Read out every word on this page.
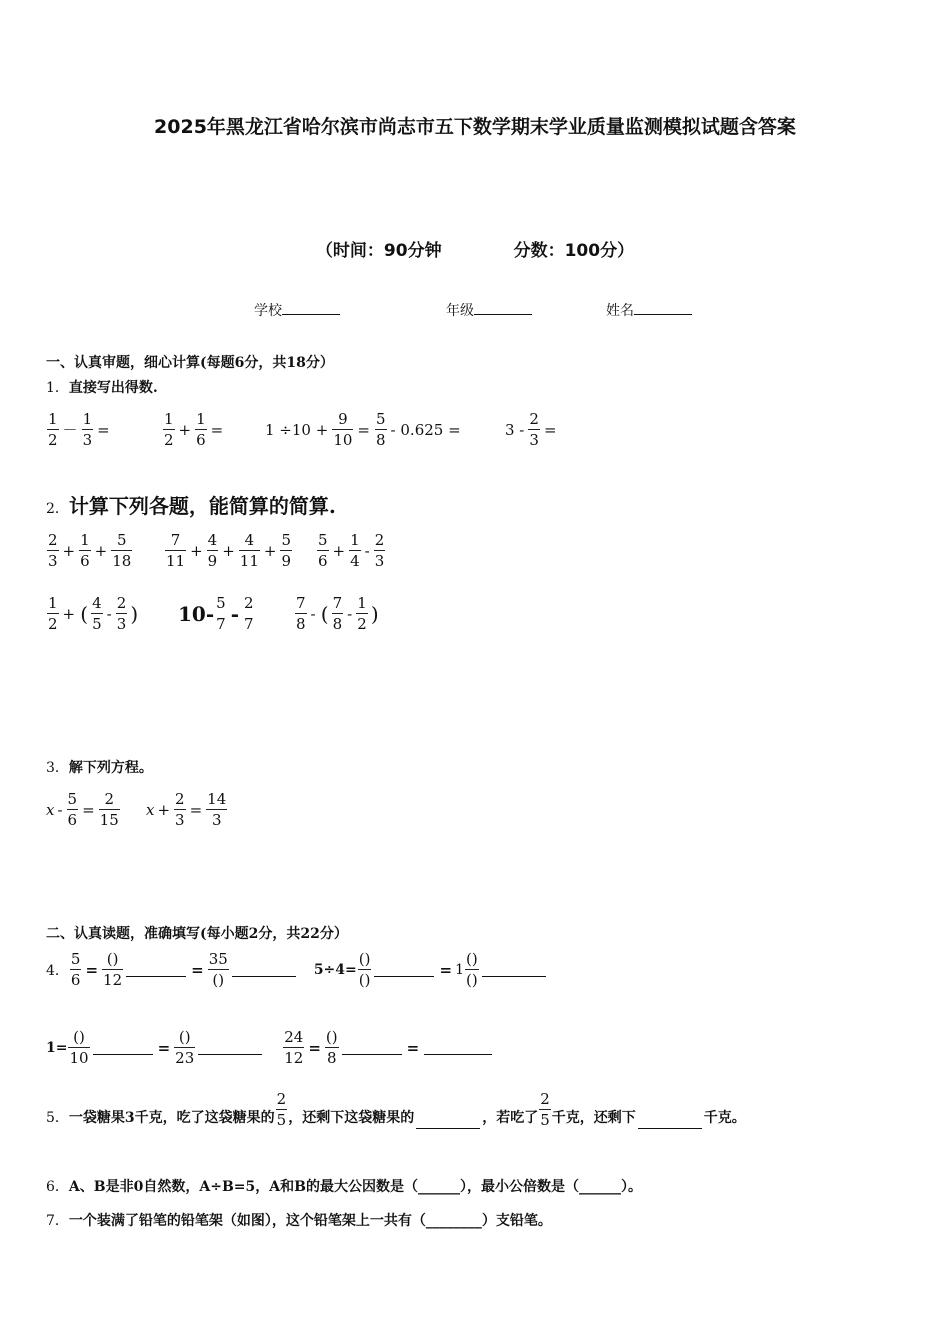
2025年黑龙江省哈尔滨市尚志市五下数学期末学业质量监测模拟试题含答案
（时间：90分钟	分数：100分）
学校	年级	姓名
一、认真审题，细心计算(每题6分，共18分）
1．直接写出得数.
$\frac{1}{2} - \frac{1}{3}$ =	$\frac{1}{2} + \frac{1}{6}$ =	$1 \div 10 + \frac{9}{10} = \frac{5}{8} - 0.625$ =	$3 - \frac{2}{3}$ =
2．计算下列各题，能简算的简算.
$\frac{2}{3} + \frac{1}{6} + \frac{5}{18} \frac{7}{11} + \frac{4}{9} + \frac{4}{11} + \frac{5}{9} \frac{5}{6} + \frac{1}{4} - \frac{2}{3}$
$\frac{1}{2}$ + ( $\frac{4}{5} - \frac{2}{3}$ ) 10- 5
7 - 2
7	$\frac{7}{8}$ - ( $\frac{7}{8} - \frac{1}{2}$ )
3．解下列方程。
$x - \frac{5}{6} = \frac{2}{15}$ $x + \frac{2}{3} = \frac{14}{3}$
二、认真读题，准确填写(每小题2分，共22分）
4． $\frac{5}{6} = \frac{()}{12}$	= $\frac{35}{()}$	$5\div 4= \frac{()}{()}$	= $1 \frac{()}{()}$
$1= \frac{()}{10}$	= $\frac{()}{23}$	$\frac{24}{12} = \frac{()}{8}$	=
5． 一袋糖果3千克，吃了这袋糖果的 $\frac{2}{5}$ ，还剩下这袋糖果的	，若吃了 $\frac{2}{5}$ 千克，还剩下	千克。
6．A、B是非0自然数，A÷B=5，A和B的最大公因数是（______），最小公倍数是（______）。
7．一个装满了铅笔的铅笔架（如图），这个铅笔架上一共有（________）支铅笔。
